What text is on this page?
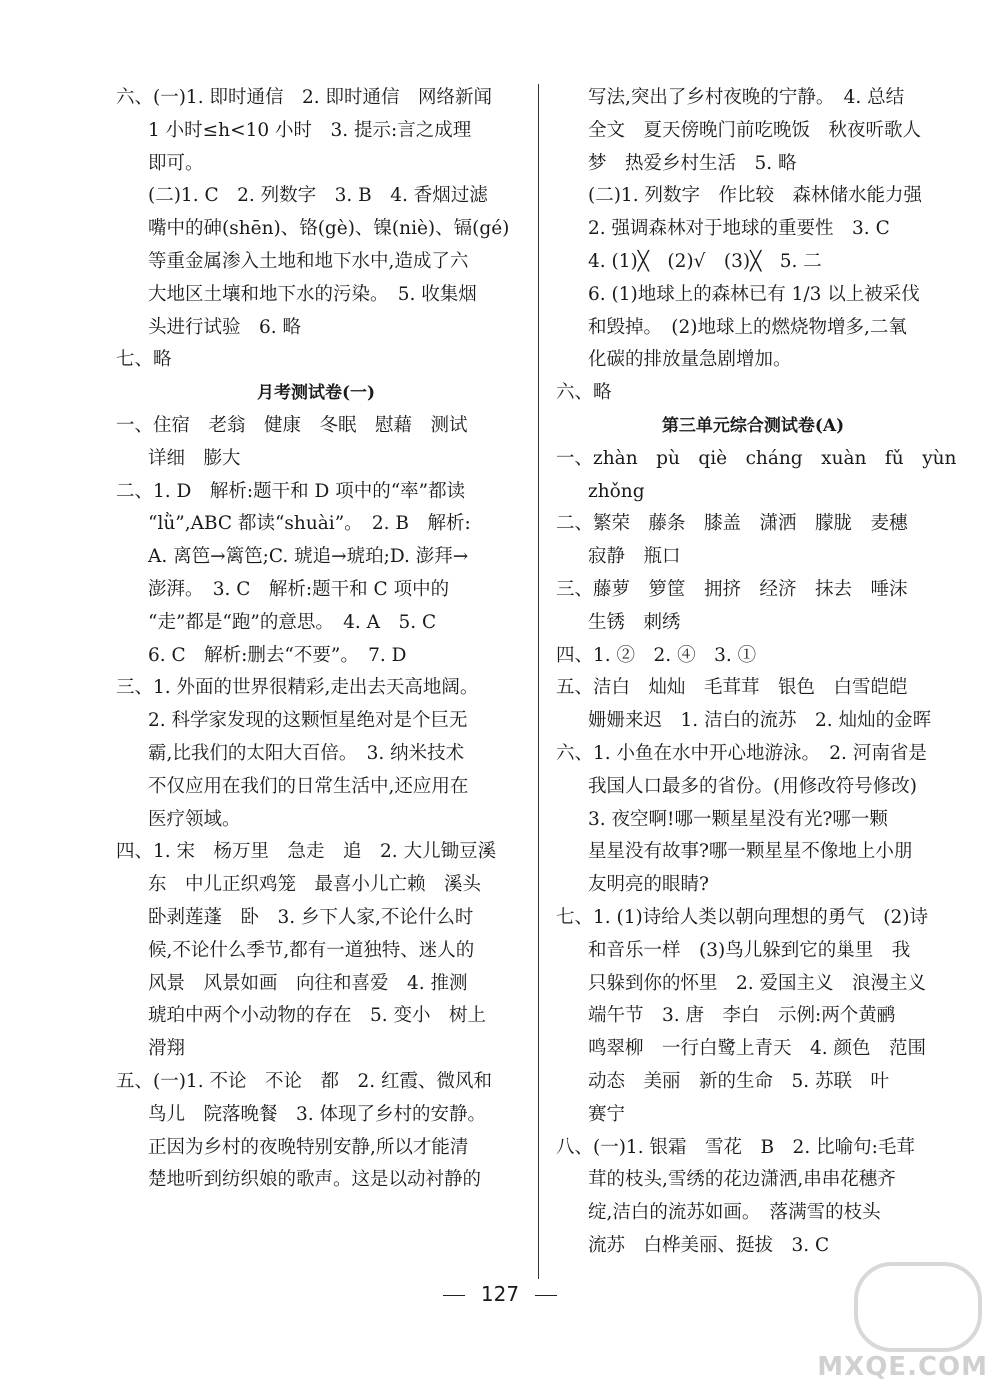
六、(一)1. 即时通信　2. 即时通信　网络新闻
1 小时≤h<10 小时　3. 提示:言之成理
即可。
(二)1. C　2. 列数字　3. B　4. 香烟过滤
嘴中的砷(shēn)、铬(gè)、镍(niè)、镉(gé)
等重金属渗入土地和地下水中,造成了六
大地区土壤和地下水的污染。　5. 收集烟
头进行试验　6. 略
七、略
月考测试卷(一)
一、住宿　老翁　健康　冬眠　慰藉　测试
详细　膨大
二、1. D　解析:题干和 D 项中的“率”都读
“lǜ”,ABC 都读“shuài”。　2. B　解析:
A. 离笆→篱笆;C. 琥追→琥珀;D. 澎拜→
澎湃。　3. C　解析:题干和 C 项中的
“走”都是“跑”的意思。　4. A　5. C
6. C　解析:删去“不要”。　7. D
三、1. 外面的世界很精彩,走出去天高地阔。
2. 科学家发现的这颗恒星绝对是个巨无
霸,比我们的太阳大百倍。　3. 纳米技术
不仅应用在我们的日常生活中,还应用在
医疗领域。
四、1. 宋　杨万里　急走　追　2. 大儿锄豆溪
东　中儿正织鸡笼　最喜小儿亡赖　溪头
卧剥莲蓬　卧　3. 乡下人家,不论什么时
候,不论什么季节,都有一道独特、迷人的
风景　风景如画　向往和喜爱　4. 推测
琥珀中两个小动物的存在　5. 变小　树上
滑翔
五、(一)1. 不论　不论　都　2. 红霞、微风和
鸟儿　院落晚餐　3. 体现了乡村的安静。
正因为乡村的夜晚特别安静,所以才能清
楚地听到纺织娘的歌声。这是以动衬静的
写法,突出了乡村夜晚的宁静。　4. 总结
全文　夏天傍晚门前吃晚饭　秋夜听歌人
梦　热爱乡村生活　5. 略
(二)1. 列数字　作比较　森林储水能力强
2. 强调森林对于地球的重要性　3. C
4. (1)╳　(2)√　(3)╳　5. 二
6. (1)地球上的森林已有 1/3 以上被采伐
和毁掉。　(2)地球上的燃烧物增多,二氧
化碳的排放量急剧增加。
六、略
第三单元综合测试卷(A)
一、zhàn　pù　qiè　cháng　xuàn　fǔ　yùn
zhǒng
二、繁荣　藤条　膝盖　潇洒　朦胧　麦穗
寂静　瓶口
三、藤萝　箩筐　拥挤　经济　抹去　唾沫
生锈　刺绣
四、1. ②　2. ④　3. ①
五、洁白　灿灿　毛茸茸　银色　白雪皑皑
姗姗来迟　1. 洁白的流苏　2. 灿灿的金晖
六、1. 小鱼在水中开心地游泳。　2. 河南省是
我国人口最多的省份。(用修改符号修改)
3. 夜空啊!哪一颗星星没有光?哪一颗
星星没有故事?哪一颗星星不像地上小朋
友明亮的眼睛?
七、1. (1)诗给人类以朝向理想的勇气　(2)诗
和音乐一样　(3)鸟儿躲到它的巢里　我
只躲到你的怀里　2. 爱国主义　浪漫主义
端午节　3. 唐　李白　示例:两个黄鹂
鸣翠柳　一行白鹭上青天　4. 颜色　范围
动态　美丽　新的生命　5. 苏联　叶
赛宁
八、(一)1. 银霜　雪花　B　2. 比喻句:毛茸
茸的枝头,雪绣的花边潇洒,串串花穗齐
绽,洁白的流苏如画。　落满雪的枝头
流苏　白桦美丽、挺拔　3. C
127
MXQE.COM
